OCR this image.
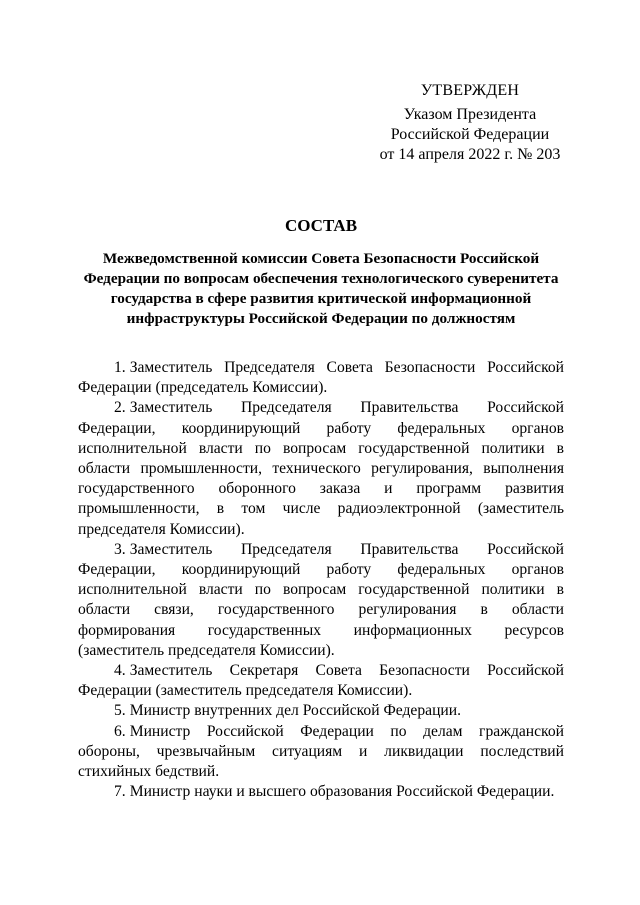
УТВЕРЖДЕН
Указом Президента
Российской Федерации
от 14 апреля 2022 г. № 203
СОСТАВ
Межведомственной комиссии Совета Безопасности Российской Федерации по вопросам обеспечения технологического суверенитета государства в сфере развития критической информационной инфраструктуры Российской Федерации по должностям

1. Заместитель Председателя Совета Безопасности Российской Федерации (председатель Комиссии).

2. Заместитель Председателя Правительства Российской Федерации, координирующий работу федеральных органов исполнительной власти по вопросам государственной политики в области промышленности, технического регулирования, выполнения государственного оборонного заказа и программ развития промышленности, в том числе радиоэлектронной (заместитель председателя Комиссии).

3. Заместитель Председателя Правительства Российской Федерации, координирующий работу федеральных органов исполнительной власти по вопросам государственной политики в области связи, государственного регулирования в области формирования государственных информационных ресурсов (заместитель председателя Комиссии).

4. Заместитель Секретаря Совета Безопасности Российской Федерации (заместитель председателя Комиссии).

5. Министр внутренних дел Российской Федерации.

6. Министр Российской Федерации по делам гражданской обороны, чрезвычайным ситуациям и ликвидации последствий стихийных бедствий.

7. Министр науки и высшего образования Российской Федерации.
